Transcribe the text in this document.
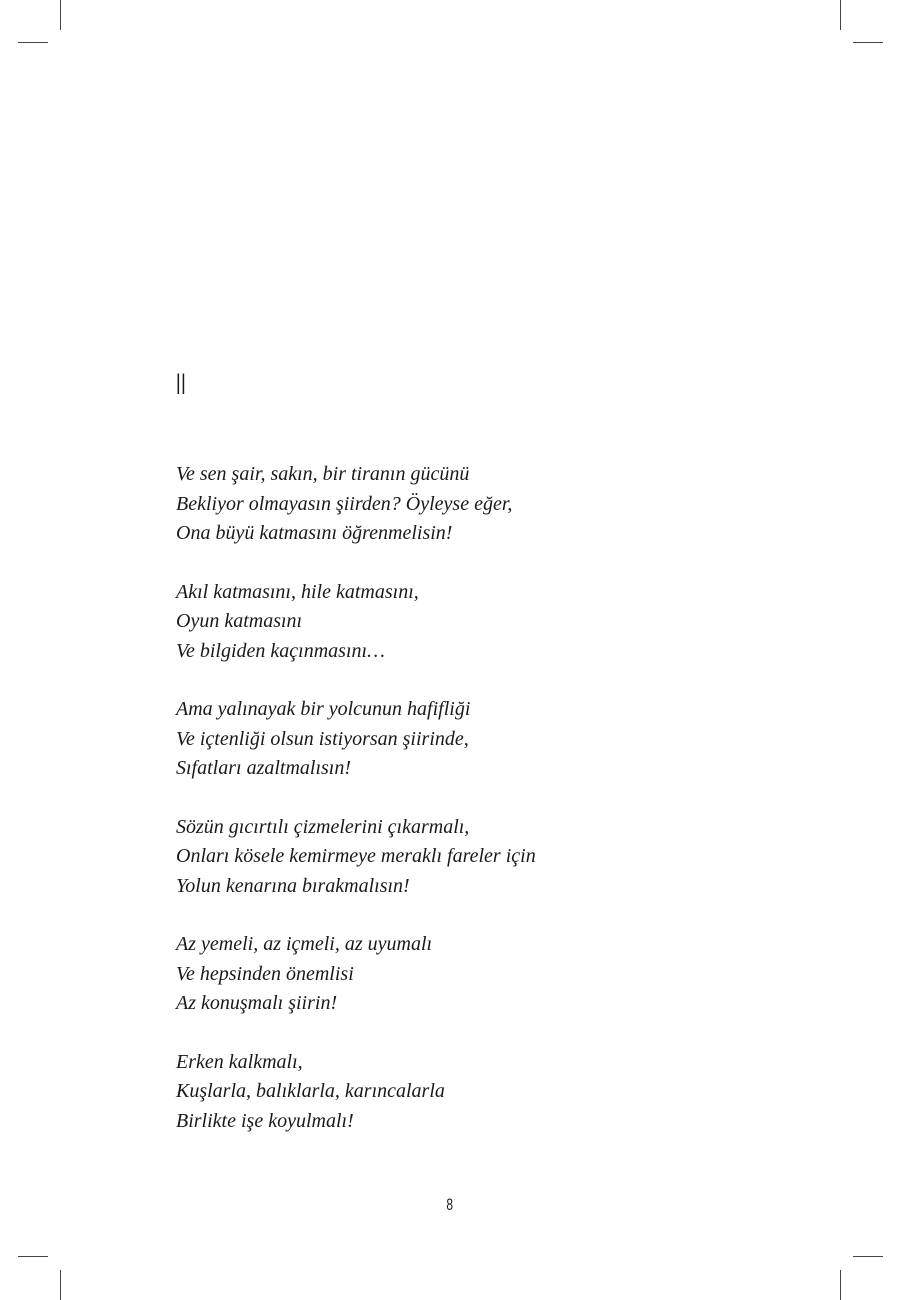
II
Ve sen şair, sakın, bir tiranın gücünü
Bekliyor olmayasın şiirden? Öyleyse eğer,
Ona büyü katmasını öğrenmelisin!
Akıl katmasını, hile katmasını,
Oyun katmasını
Ve bilgiden kaçınmasını…
Ama yalınayak bir yolcunun hafifliği
Ve içtenliği olsun istiyorsan şiirinde,
Sıfatları azaltmalısın!
Sözün gıcırtılı çizmelerini çıkarmalı,
Onları kösele kemirmeye meraklı fareler için
Yolun kenarına bırakmalısın!
Az yemeli, az içmeli, az uyumalı
Ve hepsinden önemlisi
Az konuşmalı şiirin!
Erken kalkmalı,
Kuşlarla, balıklarla, karıncalarla
Birlikte işe koyulmalı!
8
